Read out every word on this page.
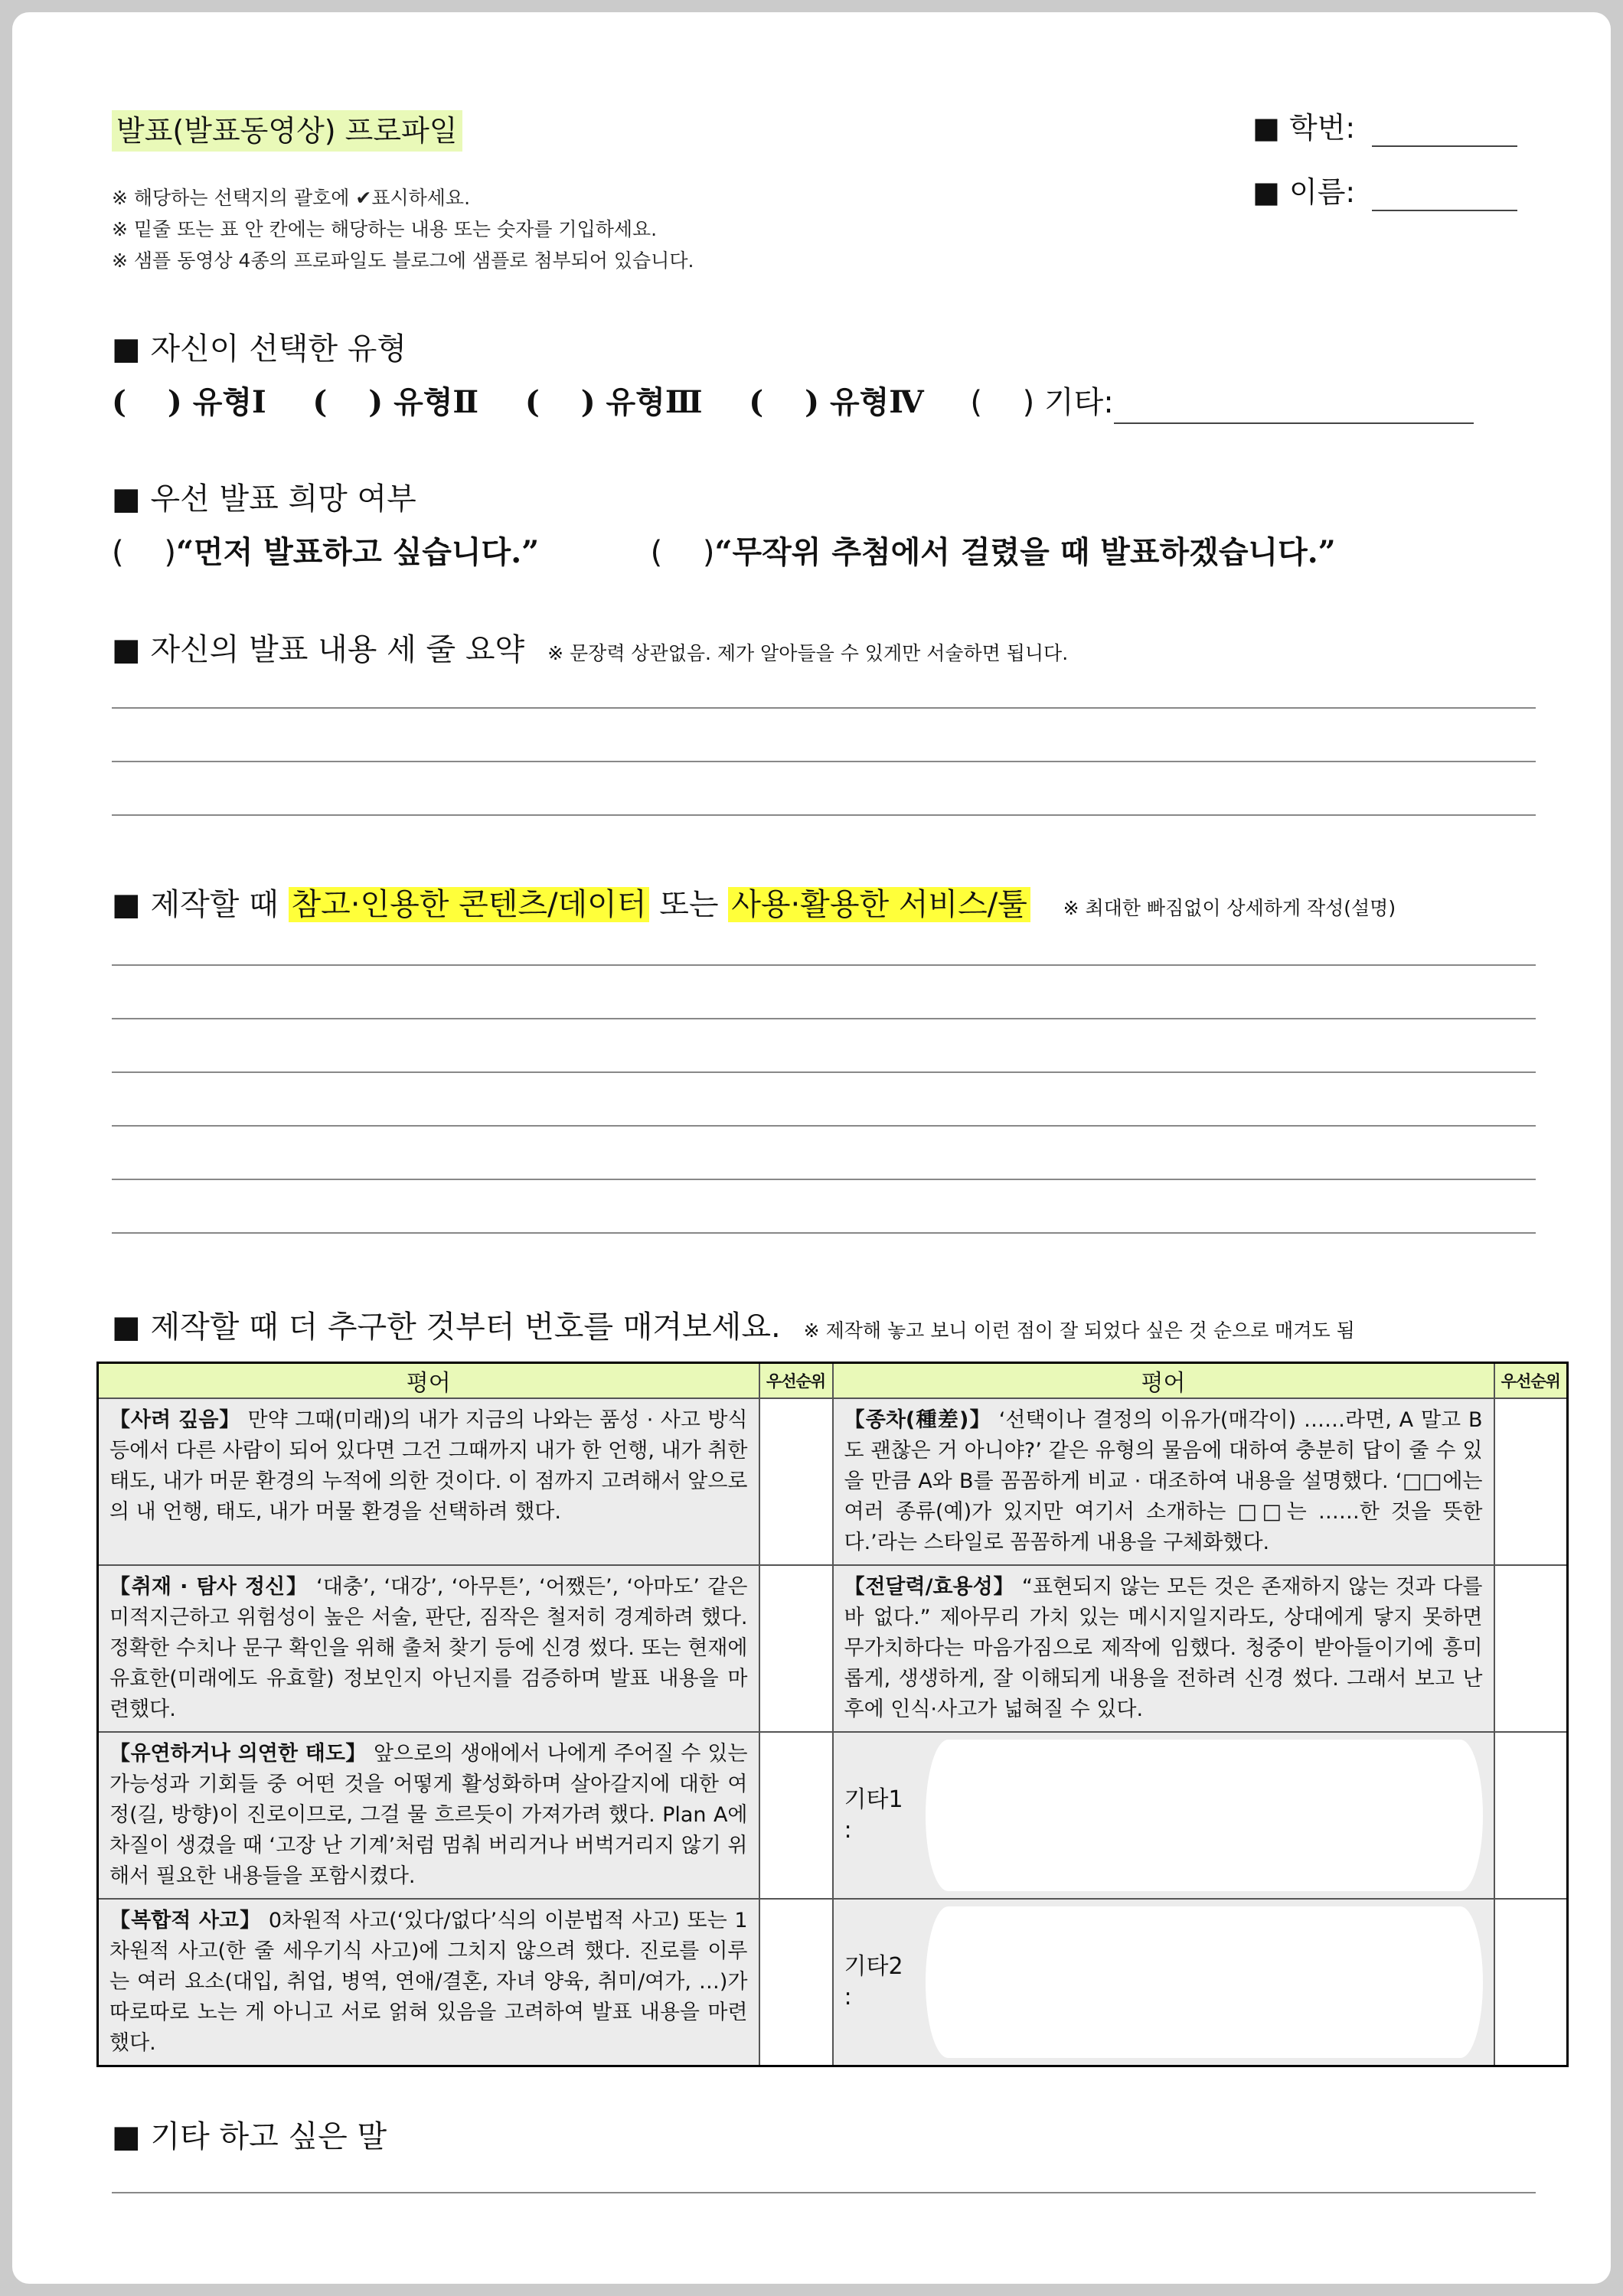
발표(발표동영상) 프로파일
※ 해당하는 선택지의 괄호에 ✔표시하세요.
※ 밑줄 또는 표 안 칸에는 해당하는 내용 또는 숫자를 기입하세요.
※ 샘플 동영상 4종의 프로파일도 블로그에 샘플로 첨부되어 있습니다.
■ 학번:
■ 이름:
■ 자신이 선택한 유형
(　 ) 유형Ⅰ (　 ) 유형Ⅱ (　 ) 유형Ⅲ (　 ) 유형Ⅳ (　 ) 기타:
■ 우선 발표 희망 여부
(　 )“먼저 발표하고 싶습니다.”	(　 )“무작위 추첨에서 걸렸을 때 발표하겠습니다.”
■ 자신의 발표 내용 세 줄 요약 ※ 문장력 상관없음. 제가 알아들을 수 있게만 서술하면 됩니다.
■ 제작할 때 참고·인용한 콘텐츠/데이터 또는 사용·활용한 서비스/툴 ※ 최대한 빠짐없이 상세하게 작성(설명)
■ 제작할 때 더 추구한 것부터 번호를 매겨보세요. ※ 제작해 놓고 보니 이런 점이 잘 되었다 싶은 것 순으로 매겨도 됨
평어	우선순위	평어	우선순위
【사려 깊음】 만약 그때(미래)의 내가 지금의 나와는 품성 · 사고 방식 등에서 다른 사람이 되어 있다면 그건 그때까지 내가 한 언행, 내가 취한 태도, 내가 머문 환경의 누적에 의한 것이다. 이 점까지 고려해서 앞으로의 내 언행, 태도, 내가 머물 환경을 선택하려 했다.		【종차(種差)】 ‘선택이나 결정의 이유가(매각이) ……라면, A 말고 B도 괜찮은 거 아니야?’ 같은 유형의 물음에 대하여 충분히 답이 줄 수 있을 만큼 A와 B를 꼼꼼하게 비교 · 대조하여 내용을 설명했다. ‘□□에는 여러 종류(예)가 있지만 여기서 소개하는 □□는 ……한 것을 뜻한다.’라는 스타일로 꼼꼼하게 내용을 구체화했다.	
【취재 · 탐사 정신】 ‘대충’, ‘대강’, ‘아무튼’, ‘어쨌든’, ‘아마도’ 같은 미적지근하고 위험성이 높은 서술, 판단, 짐작은 철저히 경계하려 했다. 정확한 수치나 문구 확인을 위해 출처 찾기 등에 신경 썼다. 또는 현재에 유효한(미래에도 유효할) 정보인지 아닌지를 검증하며 발표 내용을 마련했다.		【전달력/효용성】 “표현되지 않는 모든 것은 존재하지 않는 것과 다를 바 없다.” 제아무리 가치 있는 메시지일지라도, 상대에게 닿지 못하면 무가치하다는 마음가짐으로 제작에 임했다. 청중이 받아들이기에 흥미롭게, 생생하게, 잘 이해되게 내용을 전하려 신경 썼다. 그래서 보고 난 후에 인식·사고가 넓혀질 수 있다.	
【유연하거나 의연한 태도】 앞으로의 생애에서 나에게 주어질 수 있는 가능성과 기회들 중 어떤 것을 어떻게 활성화하며 살아갈지에 대한 여정(길, 방향)이 진로이므로, 그걸 물 흐르듯이 가져가려 했다. Plan A에 차질이 생겼을 때 ‘고장 난 기계’처럼 멈춰 버리거나 버벅거리지 않기 위해서 필요한 내용들을 포함시켰다.		기타1 :	

【복합적 사고】 0차원적 사고(‘있다/없다’식의 이분법적 사고) 또는 1차원적 사고(한 줄 세우기식 사고)에 그치지 않으려 했다. 진로를 이루는 여러 요소(대입, 취업, 병역, 연애/결혼, 자녀 양육, 취미/여가, …)가 따로따로 노는 게 아니고 서로 얽혀 있음을 고려하여 발표 내용을 마련했다.		기타2 :	

■ 기타 하고 싶은 말
